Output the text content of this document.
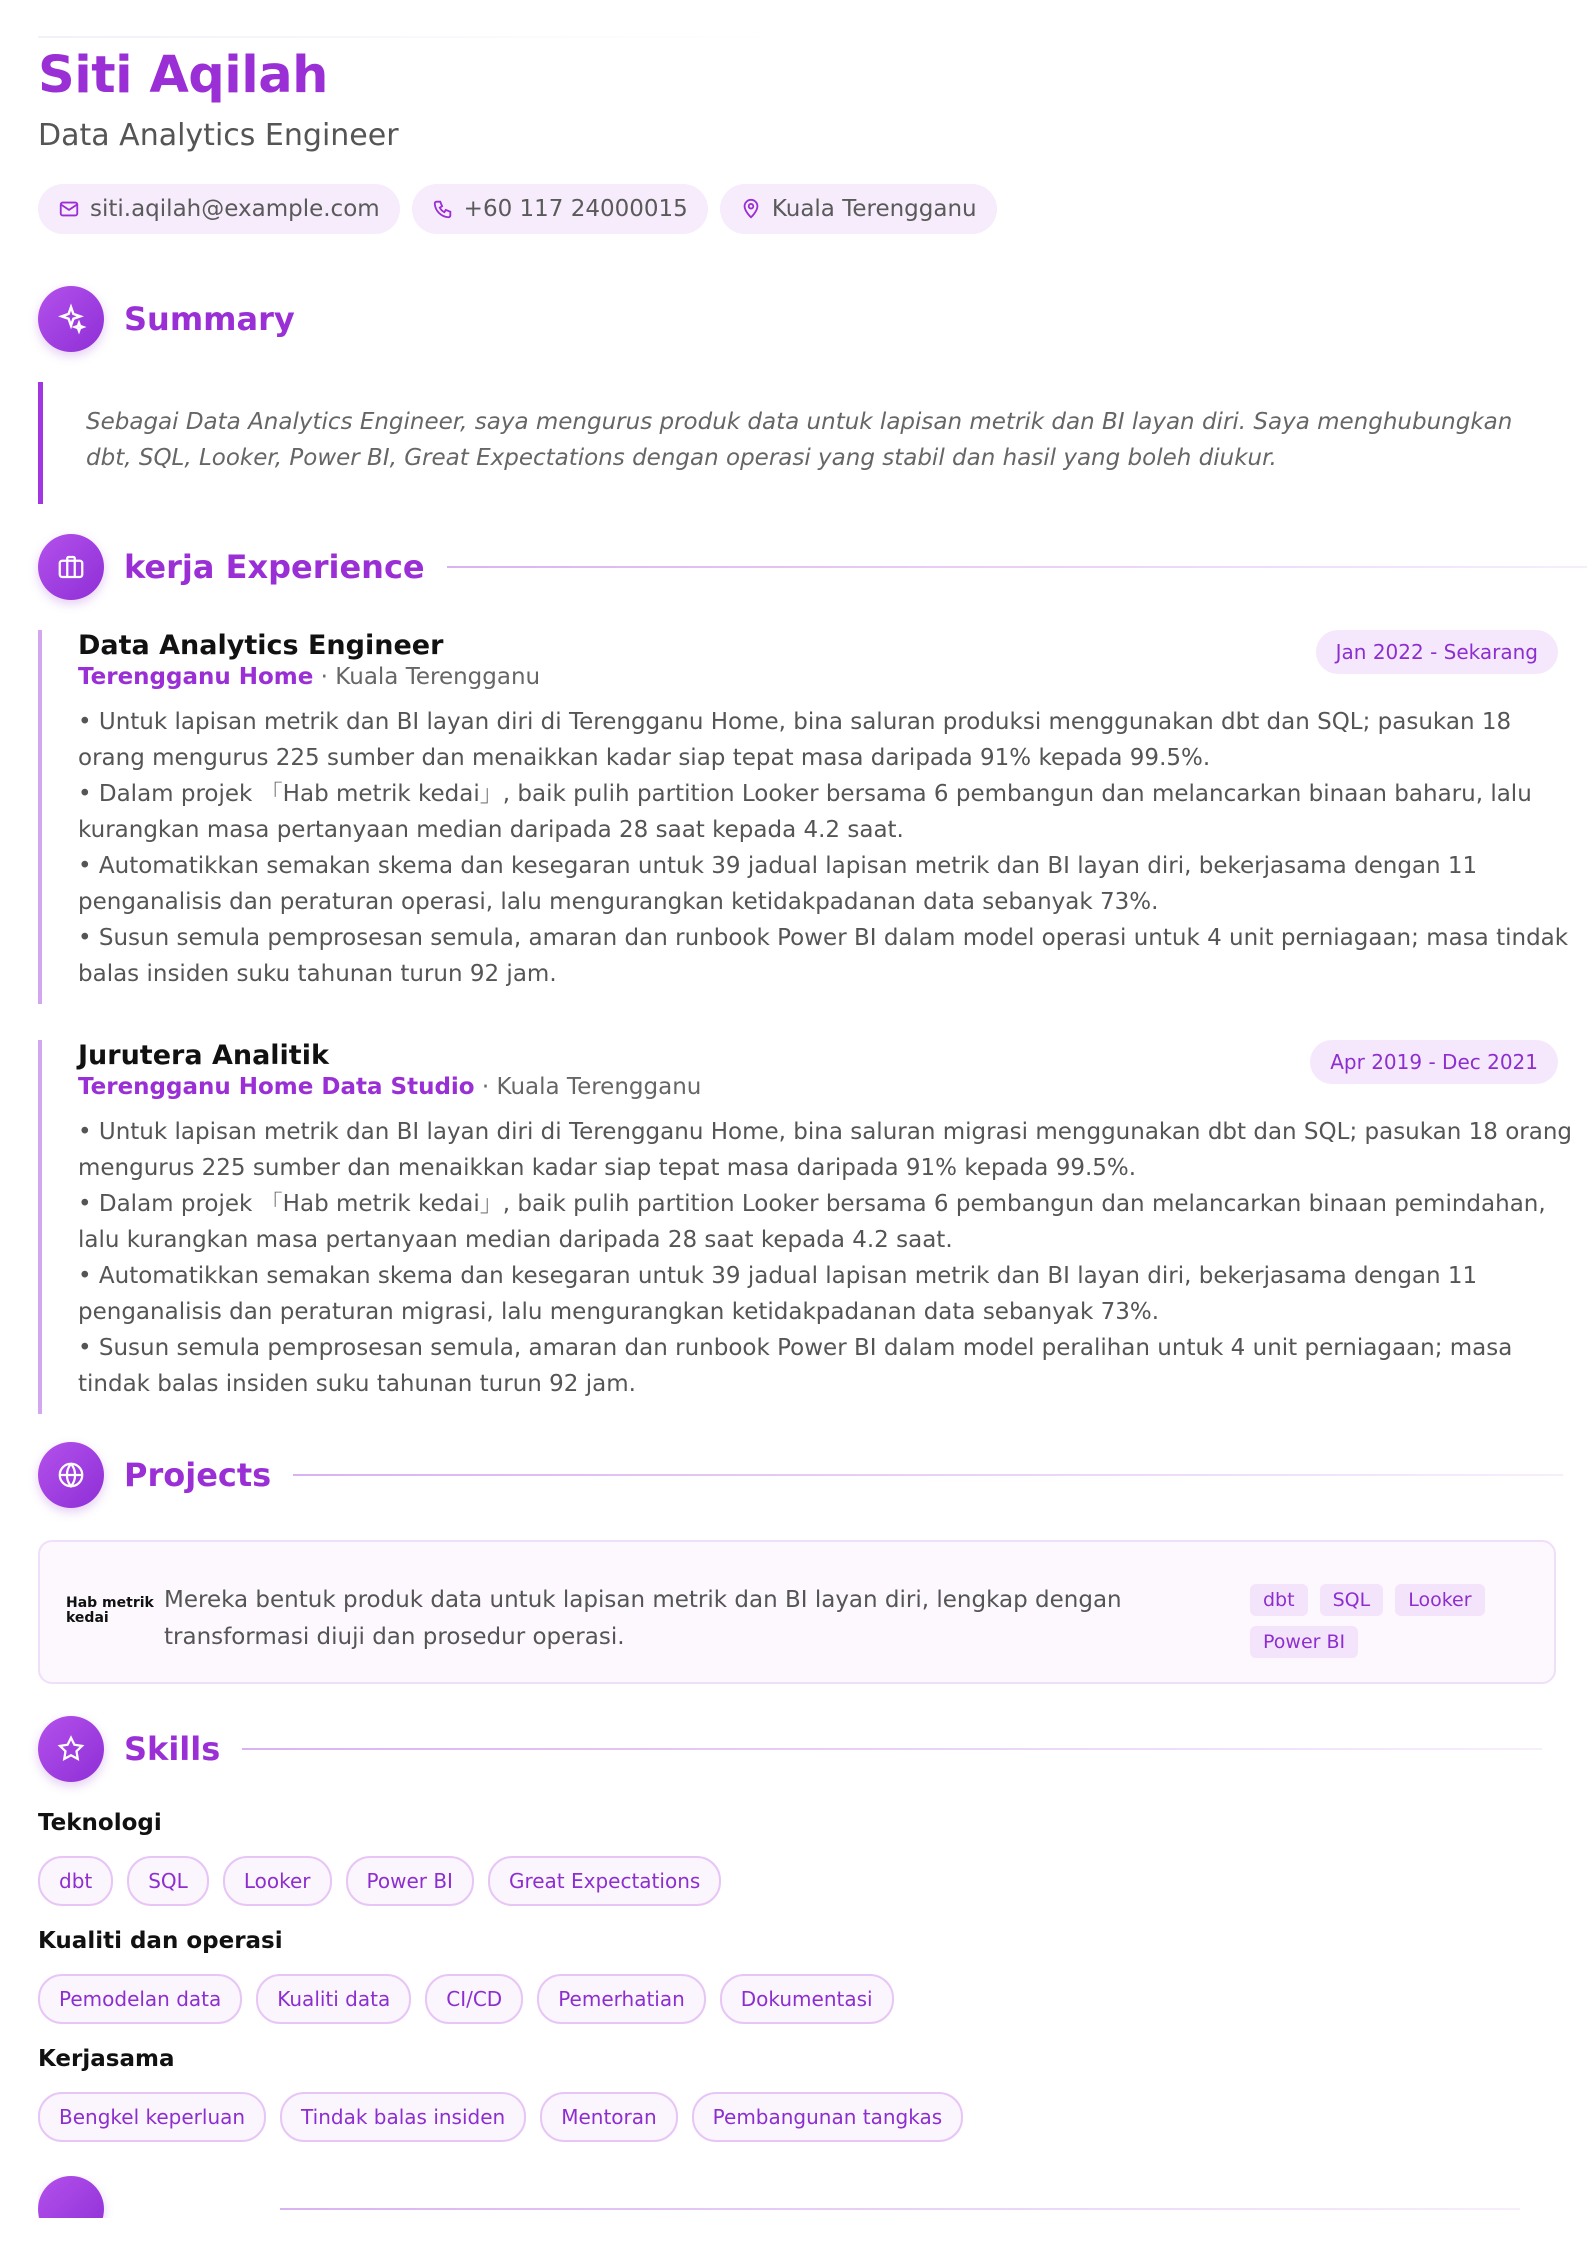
Siti Aqilah
Data Analytics Engineer
siti.aqilah@example.com	+60 117 24000015	Kuala Terengganu
Summary

Sebagai Data Analytics Engineer, saya mengurus produk data untuk lapisan metrik dan BI layan diri. Saya menghubungkan dbt, SQL, Looker, Power BI, Great Expectations dengan operasi yang stabil dan hasil yang boleh diukur.

kerja Experience
Data Analytics Engineer	Jan 2022 - Sekarang
Terengganu Home · Kuala Terengganu
• Untuk lapisan metrik dan BI layan diri di Terengganu Home, bina saluran produksi menggunakan dbt dan SQL; pasukan 18 orang mengurus 225 sumber dan menaikkan kadar siap tepat masa daripada 91% kepada 99.5%.
• Dalam projek 「Hab metrik kedai」, baik pulih partition Looker bersama 6 pembangun dan melancarkan binaan baharu, lalu kurangkan masa pertanyaan median daripada 28 saat kepada 4.2 saat.
• Automatikkan semakan skema dan kesegaran untuk 39 jadual lapisan metrik dan BI layan diri, bekerjasama dengan 11 penganalisis dan peraturan operasi, lalu mengurangkan ketidakpadanan data sebanyak 73%.
• Susun semula pemprosesan semula, amaran dan runbook Power BI dalam model operasi untuk 4 unit perniagaan; masa tindak balas insiden suku tahunan turun 92 jam.
Jurutera Analitik	Apr 2019 - Dec 2021
Terengganu Home Data Studio · Kuala Terengganu
• Untuk lapisan metrik dan BI layan diri di Terengganu Home, bina saluran migrasi menggunakan dbt dan SQL; pasukan 18 orang mengurus 225 sumber dan menaikkan kadar siap tepat masa daripada 91% kepada 99.5%.
• Dalam projek 「Hab metrik kedai」, baik pulih partition Looker bersama 6 pembangun dan melancarkan binaan pemindahan, lalu kurangkan masa pertanyaan median daripada 28 saat kepada 4.2 saat.
• Automatikkan semakan skema dan kesegaran untuk 39 jadual lapisan metrik dan BI layan diri, bekerjasama dengan 11 penganalisis dan peraturan migrasi, lalu mengurangkan ketidakpadanan data sebanyak 73%.
• Susun semula pemprosesan semula, amaran dan runbook Power BI dalam model peralihan untuk 4 unit perniagaan; masa tindak balas insiden suku tahunan turun 92 jam.
Projects
Hab metrik kedai
Mereka bentuk produk data untuk lapisan metrik dan BI layan diri, lengkap dengan transformasi diuji dan prosedur operasi.
dbt	SQL	Looker
Power BI
Skills
Teknologi
dbt	SQL	Looker	Power BI	Great Expectations
Kualiti dan operasi
Pemodelan data	Kualiti data	CI/CD	Pemerhatian	Dokumentasi
Kerjasama
Bengkel keperluan	Tindak balas insiden	Mentoran	Pembangunan tangkas
